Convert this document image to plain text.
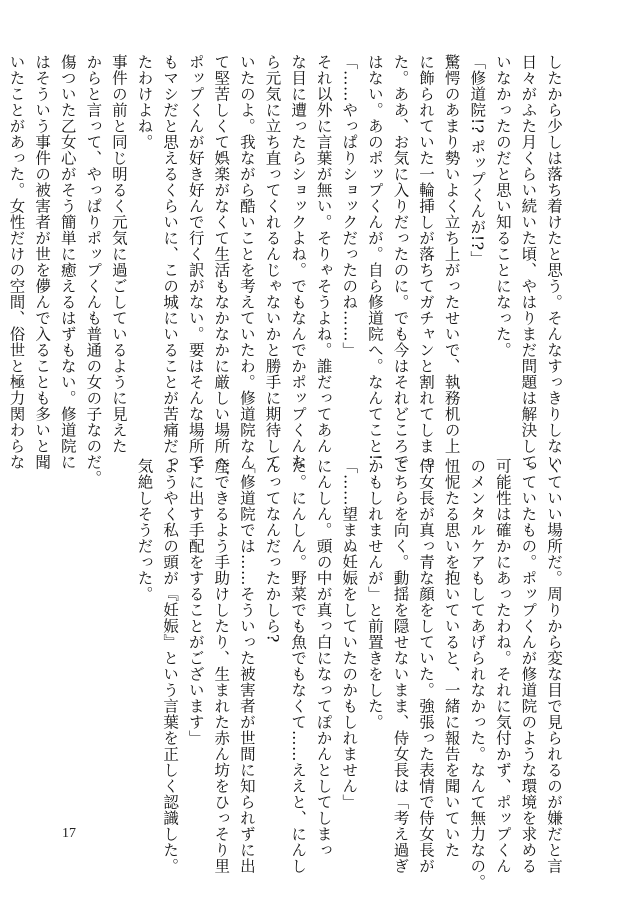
したから少しは落ち着けたと思う。そんなすっきりしない
日々がふた月くらい続いた頃、やはりまだ問題は解決して
いなかったのだと思い知ることになった。
「修道院!? ポップくんが!?」
驚愕のあまり勢いよく立ち上がったせいで、執務机の上
に飾られていた一輪挿しが落ちてガチャンと割れてしまっ
た。ああ、お気に入りだったのに。でも今はそれどころで
はない。あのポップくんが。自ら修道院へ。なんてこと!
「……やっぱりショックだったのね……」
それ以外に言葉が無い。そりゃそうよね。誰だってあん
な目に遭ったらショックよね。でもなんでかポップくんな
ら元気に立ち直ってくれるんじゃないかと勝手に期待して
いたのよ。我ながら酷いことを考えていたわ。修道院なん
て堅苦しくて娯楽がなくて生活もなかなかに厳しい場所へ、
ポップくんが好き好んで行く訳がない。要はそんな場所で
もマシだと思えるくらいに、この城にいることが苦痛だっ
たわけよね。
事件の前と同じ明るく元気に過ごしているように見えた
からと言って、やっぱりポップくんも普通の女の子なのだ。
傷ついた乙女心がそう簡単に癒えるはずもない。修道院に
はそういう事件の被害者が世を儚んで入ることも多いと聞
いたことがあった。女性だけの空間、俗世と極力関わらな
くていい場所だ。周りから変な目で見られるのが嫌だと言
っていたもの。ポップくんが修道院のような環境を求める
可能性は確かにあったわね。それに気付かず、ポップくん
のメンタルケアもしてあげられなかった。なんて無力なの。
忸怩たる思いを抱いていると、一緒に報告を聞いていた
侍女長が真っ青な顔をしていた。強張った表情で侍女長が
こちらを向く。動揺を隠せないまま、侍女長は「考え過ぎ
かもしれませんが」と前置きをした。
「……望まぬ妊娠をしていたのかもしれません」
にんしん。頭の中が真っ白になってぽかんとしてしまっ
た。にんしん。野菜でも魚でもなくて……ええと、にんし
んってなんだったかしら?
「修道院では……そういった被害者が世間に知られずに出
産できるよう手助けしたり、生まれた赤ん坊をひっそり里
子に出す手配をすることがございます」
ようやく私の頭が『妊娠』という言葉を正しく認識した。
気絶しそうだった。
17
